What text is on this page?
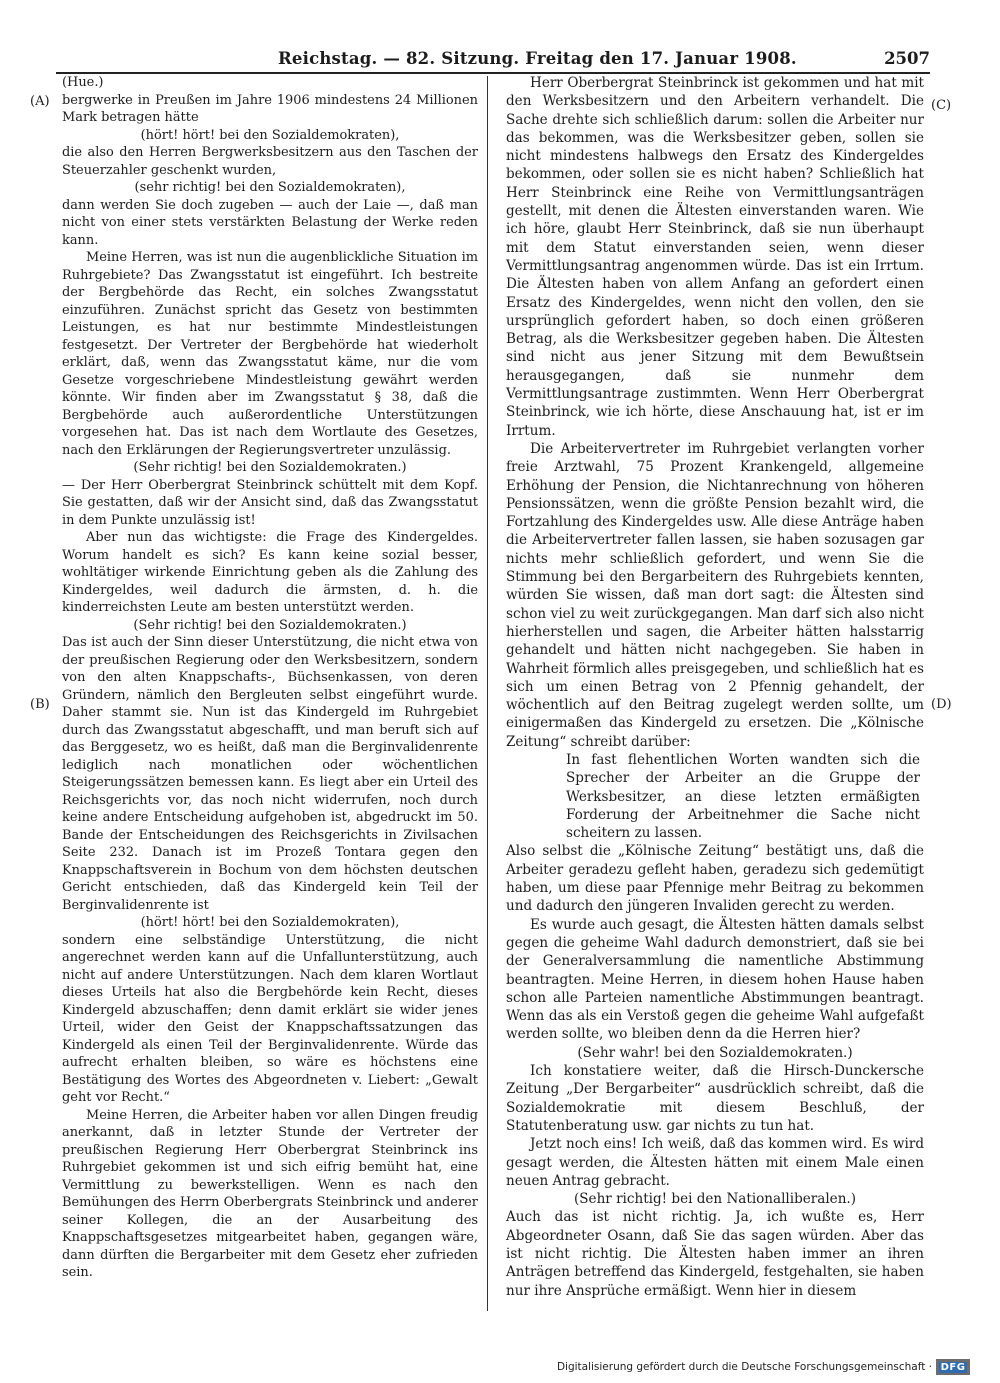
Reichstag. — 82. Sitzung. Freitag den 17. Januar 1908.	2507
(A)
(B)
(C)
(D)

(Hue.)

bergwerke in Preußen im Jahre 1906 mindestens 24 Millionen Mark betragen hätte

(hört! hört! bei den Sozialdemokraten),

die also den Herren Bergwerksbesitzern aus den Taschen der Steuerzahler geschenkt wurden,

(sehr richtig! bei den Sozialdemokraten),

dann werden Sie doch zugeben — auch der Laie —, daß man nicht von einer stets verstärkten Belastung der Werke reden kann.

Meine Herren, was ist nun die augenblickliche Situation im Ruhrgebiete? Das Zwangsstatut ist eingeführt. Ich bestreite der Bergbehörde das Recht, ein solches Zwangsstatut einzuführen. Zunächst spricht das Gesetz von bestimmten Leistungen, es hat nur bestimmte Mindestleistungen festgesetzt. Der Vertreter der Bergbehörde hat wiederholt erklärt, daß, wenn das Zwangsstatut käme, nur die vom Gesetze vorgeschriebene Mindestleistung gewährt werden könnte. Wir finden aber im Zwangsstatut § 38, daß die Bergbehörde auch außerordentliche Unterstützungen vorgesehen hat. Das ist nach dem Wortlaute des Gesetzes, nach den Erklärungen der Regierungsvertreter unzulässig.

(Sehr richtig! bei den Sozialdemokraten.)

— Der Herr Oberbergrat Steinbrinck schüttelt mit dem Kopf. Sie gestatten, daß wir der Ansicht sind, daß das Zwangsstatut in dem Punkte unzulässig ist!

Aber nun das wichtigste: die Frage des Kindergeldes. Worum handelt es sich? Es kann keine sozial besser, wohltätiger wirkende Einrichtung geben als die Zahlung des Kindergeldes, weil dadurch die ärmsten, d. h. die kinderreichsten Leute am besten unterstützt werden.

(Sehr richtig! bei den Sozialdemokraten.)

Das ist auch der Sinn dieser Unterstützung, die nicht etwa von der preußischen Regierung oder den Werksbesitzern, sondern von den alten Knappschafts-, Büchsenkassen, von deren Gründern, nämlich den Bergleuten selbst eingeführt wurde. Daher stammt sie. Nun ist das Kindergeld im Ruhrgebiet durch das Zwangsstatut abgeschafft, und man beruft sich auf das Berggesetz, wo es heißt, daß man die Berginvalidenrente lediglich nach monatlichen oder wöchentlichen Steigerungssätzen bemessen kann. Es liegt aber ein Urteil des Reichsgerichts vor, das noch nicht widerrufen, noch durch keine andere Entscheidung aufgehoben ist, abgedruckt im 50. Bande der Entscheidungen des Reichsgerichts in Zivilsachen Seite 232. Danach ist im Prozeß Tontara gegen den Knappschaftsverein in Bochum von dem höchsten deutschen Gericht entschieden, daß das Kindergeld kein Teil der Berginvalidenrente ist

(hört! hört! bei den Sozialdemokraten),

sondern eine selbständige Unterstützung, die nicht angerechnet werden kann auf die Unfallunterstützung, auch nicht auf andere Unterstützungen. Nach dem klaren Wortlaut dieses Urteils hat also die Bergbehörde kein Recht, dieses Kindergeld abzuschaffen; denn damit erklärt sie wider jenes Urteil, wider den Geist der Knappschaftssatzungen das Kindergeld als einen Teil der Berginvalidenrente. Würde das aufrecht erhalten bleiben, so wäre es höchstens eine Bestätigung des Wortes des Abgeordneten v. Liebert: „Gewalt geht vor Recht.“

Meine Herren, die Arbeiter haben vor allen Dingen freudig anerkannt, daß in letzter Stunde der Vertreter der preußischen Regierung Herr Oberbergrat Steinbrinck ins Ruhrgebiet gekommen ist und sich eifrig bemüht hat, eine Vermittlung zu bewerkstelligen. Wenn es nach den Bemühungen des Herrn Oberbergrats Steinbrinck und anderer seiner Kollegen, die an der Ausarbeitung des Knappschaftsgesetzes mitgearbeitet haben, gegangen wäre, dann dürften die Bergarbeiter mit dem Gesetz eher zufrieden sein.

Herr Oberbergrat Steinbrinck ist gekommen und hat mit den Werksbesitzern und den Arbeitern verhandelt. Die Sache drehte sich schließlich darum: sollen die Arbeiter nur das bekommen, was die Werksbesitzer geben, sollen sie nicht mindestens halbwegs den Ersatz des Kindergeldes bekommen, oder sollen sie es nicht haben? Schließlich hat Herr Steinbrinck eine Reihe von Vermittlungsanträgen gestellt, mit denen die Ältesten einverstanden waren. Wie ich höre, glaubt Herr Steinbrinck, daß sie nun überhaupt mit dem Statut einverstanden seien, wenn dieser Vermittlungsantrag angenommen würde. Das ist ein Irrtum. Die Ältesten haben von allem Anfang an gefordert einen Ersatz des Kindergeldes, wenn nicht den vollen, den sie ursprünglich gefordert haben, so doch einen größeren Betrag, als die Werksbesitzer gegeben haben. Die Ältesten sind nicht aus jener Sitzung mit dem Bewußtsein herausgegangen, daß sie nunmehr dem Vermittlungsantrage zustimmten. Wenn Herr Oberbergrat Steinbrinck, wie ich hörte, diese Anschauung hat, ist er im Irrtum.

Die Arbeitervertreter im Ruhrgebiet verlangten vorher freie Arztwahl, 75 Prozent Krankengeld, allgemeine Erhöhung der Pension, die Nichtanrechnung von höheren Pensionssätzen, wenn die größte Pension bezahlt wird, die Fortzahlung des Kindergeldes usw. Alle diese Anträge haben die Arbeitervertreter fallen lassen, sie haben sozusagen gar nichts mehr schließlich gefordert, und wenn Sie die Stimmung bei den Bergarbeitern des Ruhrgebiets kennten, würden Sie wissen, daß man dort sagt: die Ältesten sind schon viel zu weit zurückgegangen. Man darf sich also nicht hierherstellen und sagen, die Arbeiter hätten halsstarrig gehandelt und hätten nicht nachgegeben. Sie haben in Wahrheit förmlich alles preisgegeben, und schließlich hat es sich um einen Betrag von 2 Pfennig gehandelt, der wöchentlich auf den Beitrag zugelegt werden sollte, um einigermaßen das Kindergeld zu ersetzen. Die „Kölnische Zeitung“ schreibt darüber:

In fast flehentlichen Worten wandten sich die Sprecher der Arbeiter an die Gruppe der Werksbesitzer, an diese letzten ermäßigten Forderung der Arbeitnehmer die Sache nicht scheitern zu lassen.

Also selbst die „Kölnische Zeitung“ bestätigt uns, daß die Arbeiter geradezu gefleht haben, geradezu sich gedemütigt haben, um diese paar Pfennige mehr Beitrag zu bekommen und dadurch den jüngeren Invaliden gerecht zu werden.

Es wurde auch gesagt, die Ältesten hätten damals selbst gegen die geheime Wahl dadurch demonstriert, daß sie bei der Generalversammlung die namentliche Abstimmung beantragten. Meine Herren, in diesem hohen Hause haben schon alle Parteien namentliche Abstimmungen beantragt. Wenn das als ein Verstoß gegen die geheime Wahl aufgefaßt werden sollte, wo bleiben denn da die Herren hier?

(Sehr wahr! bei den Sozialdemokraten.)

Ich konstatiere weiter, daß die Hirsch-Dunckersche Zeitung „Der Bergarbeiter“ ausdrücklich schreibt, daß die Sozialdemokratie mit diesem Beschluß, der Statutenberatung usw. gar nichts zu tun hat.

Jetzt noch eins! Ich weiß, daß das kommen wird. Es wird gesagt werden, die Ältesten hätten mit einem Male einen neuen Antrag gebracht.

(Sehr richtig! bei den Nationalliberalen.)

Auch das ist nicht richtig. Ja, ich wußte es, Herr Abgeordneter Osann, daß Sie das sagen würden. Aber das ist nicht richtig. Die Ältesten haben immer an ihren Anträgen betreffend das Kindergeld, festgehalten, sie haben nur ihre Ansprüche ermäßigt. Wenn hier in diesem

Digitalisierung gefördert durch die Deutsche Forschungsgemeinschaft · DFG
